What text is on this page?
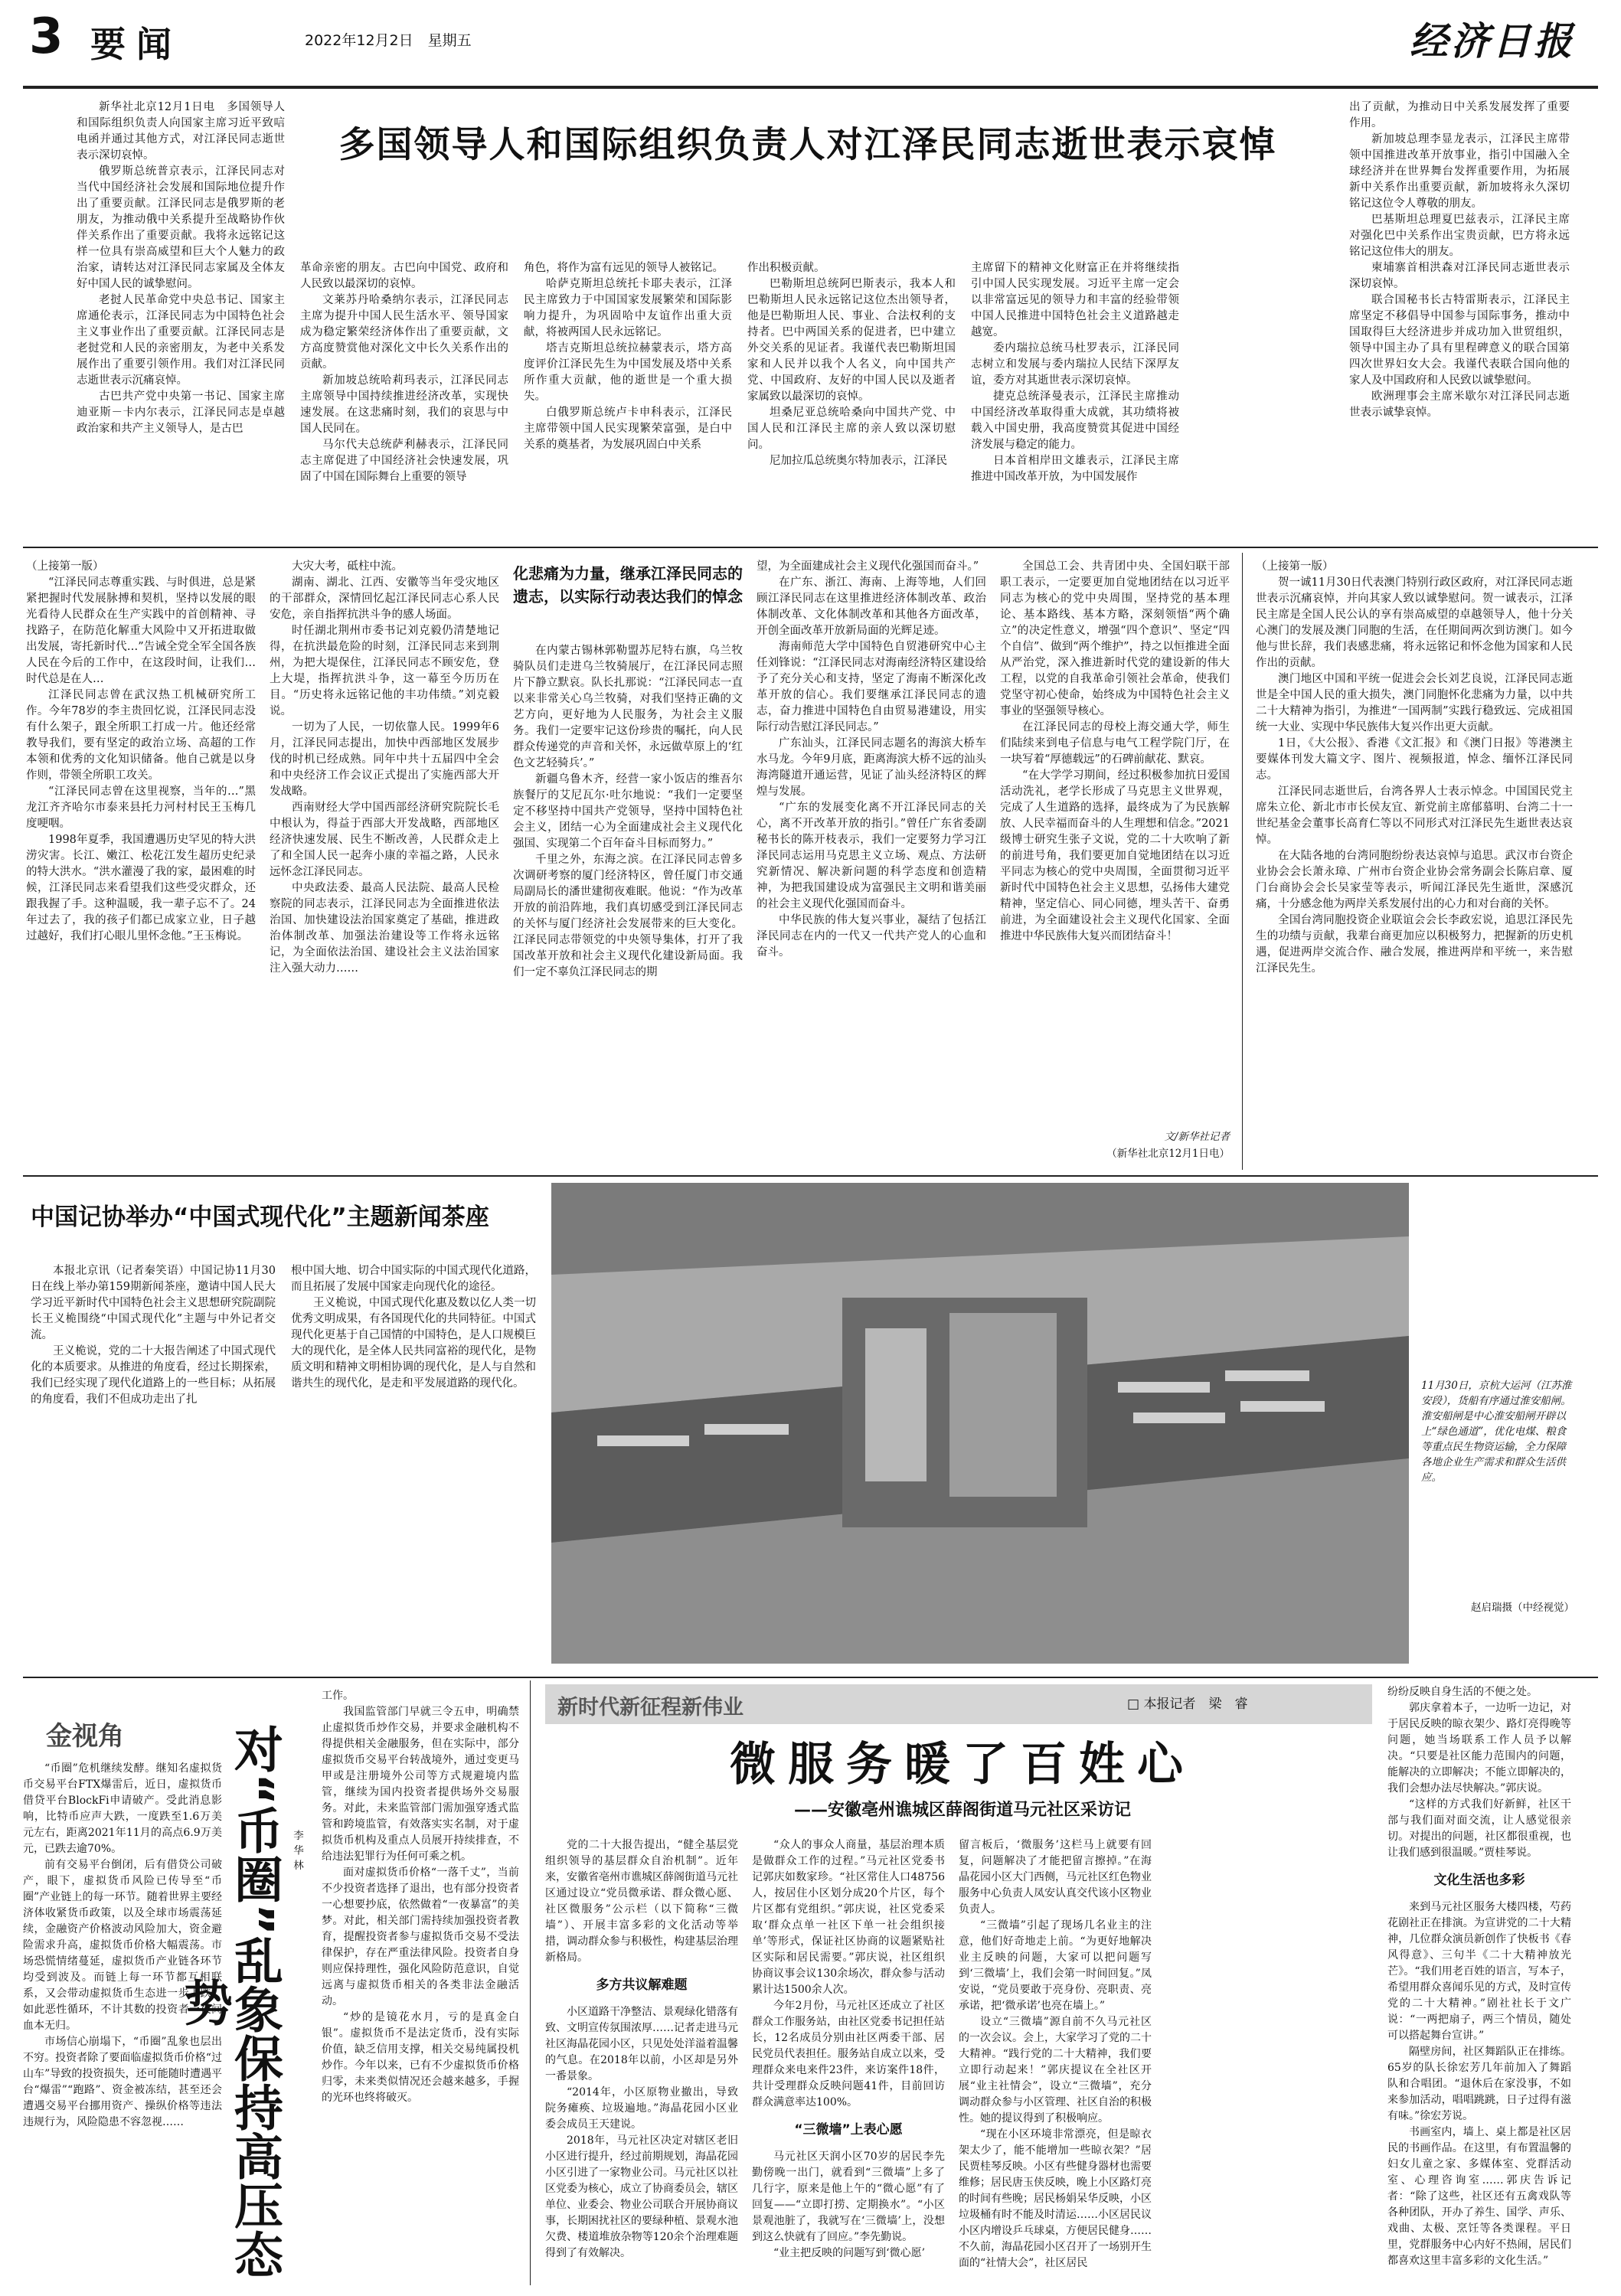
3 要闻	2022年12月2日　星期五	经济日报
多国领导人和国际组织负责人对江泽民同志逝世表示哀悼

新华社北京12月1日电　多国领导人和国际组织负责人向国家主席习近平致唁电函并通过其他方式，对江泽民同志逝世表示深切哀悼。

俄罗斯总统普京表示，江泽民同志对当代中国经济社会发展和国际地位提升作出了重要贡献。江泽民同志是俄罗斯的老朋友，为推动俄中关系提升至战略协作伙伴关系作出了重要贡献。我将永远铭记这样一位具有崇高威望和巨大个人魅力的政治家，请转达对江泽民同志家属及全体友好中国人民的诚挚慰问。

老挝人民革命党中央总书记、国家主席通伦表示，江泽民同志为中国特色社会主义事业作出了重要贡献。江泽民同志是老挝党和人民的亲密朋友，为老中关系发展作出了重要引领作用。我们对江泽民同志逝世表示沉痛哀悼。

古巴共产党中央第一书记、国家主席迪亚斯－卡内尔表示，江泽民同志是卓越政治家和共产主义领导人，是古巴

革命亲密的朋友。古巴向中国党、政府和人民致以最深切的哀悼。

文莱苏丹哈桑纳尔表示，江泽民同志主席为提升中国人民生活水平、领导国家成为稳定繁荣经济体作出了重要贡献，文方高度赞赏他对深化文中长久关系作出的贡献。

新加坡总统哈莉玛表示，江泽民同志主席领导中国持续推进经济改革，实现快速发展。在这悲痛时刻，我们的哀思与中国人民同在。

马尔代夫总统萨利赫表示，江泽民同志主席促进了中国经济社会快速发展，巩固了中国在国际舞台上重要的领导

角色，将作为富有远见的领导人被铭记。

哈萨克斯坦总统托卡耶夫表示，江泽民主席致力于中国国家发展繁荣和国际影响力提升，为巩固哈中友谊作出重大贡献，将被两国人民永远铭记。

塔吉克斯坦总统拉赫蒙表示，塔方高度评价江泽民先生为中国发展及塔中关系所作重大贡献，他的逝世是一个重大损失。

白俄罗斯总统卢卡申科表示，江泽民主席带领中国人民实现繁荣富强，是白中关系的奠基者，为发展巩固白中关系

作出积极贡献。

巴勒斯坦总统阿巴斯表示，我本人和巴勒斯坦人民永远铭记这位杰出领导者，他是巴勒斯坦人民、事业、合法权利的支持者。巴中两国关系的促进者，巴中建立外交关系的见证者。我谨代表巴勒斯坦国家和人民并以我个人名义，向中国共产党、中国政府、友好的中国人民以及逝者家属致以最深切的哀悼。

坦桑尼亚总统哈桑向中国共产党、中国人民和江泽民主席的亲人致以深切慰问。

尼加拉瓜总统奥尔特加表示，江泽民

主席留下的精神文化财富正在并将继续指引中国人民实现发展。习近平主席一定会以非常富远见的领导力和丰富的经验带领中国人民推进中国特色社会主义道路越走越宽。

委内瑞拉总统马杜罗表示，江泽民同志树立和发展与委内瑞拉人民结下深厚友谊，委方对其逝世表示深切哀悼。

捷克总统泽曼表示，江泽民主席推动中国经济改革取得重大成就，其功绩将被载入中国史册，我高度赞赏其促进中国经济发展与稳定的能力。

日本首相岸田文雄表示，江泽民主席推进中国改革开放，为中国发展作

出了贡献，为推动日中关系发展发挥了重要作用。

新加坡总理李显龙表示，江泽民主席带领中国推进改革开放事业，指引中国融入全球经济并在世界舞台发挥重要作用，为拓展新中关系作出重要贡献，新加坡将永久深切铭记这位令人尊敬的朋友。

巴基斯坦总理夏巴兹表示，江泽民主席对强化巴中关系作出宝贵贡献，巴方将永远铭记这位伟大的朋友。

柬埔寨首相洪森对江泽民同志逝世表示深切哀悼。

联合国秘书长古特雷斯表示，江泽民主席坚定不移倡导中国参与国际事务，推动中国取得巨大经济进步并成功加入世贸组织，领导中国主办了具有里程碑意义的联合国第四次世界妇女大会。我谨代表联合国向他的家人及中国政府和人民致以诚挚慰问。

欧洲理事会主席米歇尔对江泽民同志逝世表示诚挚哀悼。

（上接第一版）

“江泽民同志尊重实践、与时俱进，总是紧紧把握时代发展脉搏和契机，坚持以发展的眼光看待人民群众在生产实践中的首创精神、寻找路子，在防范化解重大风险中又开拓进取做出发展，寄托新时代…”告诫全党全军全国各族人民在今后的工作中，在这段时间，让我们…时代总是在人…

江泽民同志曾在武汉热工机械研究所工作。今年78岁的李主贵回忆说，江泽民同志没有什么架子，跟全所职工打成一片。他还经常教导我们，要有坚定的政治立场、高超的工作本领和优秀的文化知识储备。他自己就是以身作则，带领全所职工攻关。

“江泽民同志曾在这里视察，当年的…”黑龙江齐齐哈尔市泰来县托力河村村民王玉梅几度哽咽。

1998年夏季，我国遭遇历史罕见的特大洪涝灾害。长江、嫩江、松花江发生超历史纪录的特大洪水。“洪水灌漫了我的家，最困难的时候，江泽民同志来看望我们这些受灾群众，还跟我握了手。这种温暖，我一辈子忘不了。24年过去了，我的孩子们都已成家立业，日子越过越好，我们打心眼儿里怀念他。”王玉梅说。

大灾大考，砥柱中流。

湖南、湖北、江西、安徽等当年受灾地区的干部群众，深情回忆起江泽民同志心系人民安危，亲自指挥抗洪斗争的感人场面。

时任湖北荆州市委书记刘克毅仍清楚地记得，在抗洪最危险的时刻，江泽民同志来到荆州，为把大堤保住，江泽民同志不顾安危，登上大堤，指挥抗洪斗争，这一幕至今历历在目。“历史将永远铭记他的丰功伟绩。”刘克毅说。

一切为了人民，一切依靠人民。1999年6月，江泽民同志提出，加快中西部地区发展步伐的时机已经成熟。同年中共十五届四中全会和中央经济工作会议正式提出了实施西部大开发战略。

西南财经大学中国西部经济研究院院长毛中根认为，得益于西部大开发战略，西部地区经济快速发展、民生不断改善，人民群众走上了和全国人民一起奔小康的幸福之路，人民永远怀念江泽民同志。

中央政法委、最高人民法院、最高人民检察院的同志表示，江泽民同志为全面推进依法治国、加快建设法治国家奠定了基础，推进政治体制改革、加强法治建设等工作将永远铭记，为全面依法治国、建设社会主义法治国家注入强大动力……

化悲痛为力量，继承江泽民同志的遗志，以实际行动表达我们的悼念

在内蒙古锡林郭勒盟苏尼特右旗，乌兰牧骑队员们走进乌兰牧骑展厅，在江泽民同志照片下静立默哀。队长扎那说：“江泽民同志一直以来非常关心乌兰牧骑，对我们坚持正确的文艺方向，更好地为人民服务，为社会主义服务。我们一定要牢记这份珍贵的嘱托，向人民群众传递党的声音和关怀，永远做草原上的‘红色文艺轻骑兵’。”

新疆乌鲁木齐，经营一家小饭店的维吾尔族餐厅的艾尼瓦尔·吐尔地说：“我们一定要坚定不移坚持中国共产党领导，坚持中国特色社会主义，团结一心为全面建成社会主义现代化强国、实现第二个百年奋斗目标而努力。”

千里之外，东海之滨。在江泽民同志曾多次调研考察的厦门经济特区，曾任厦门市交通局副局长的潘世建彻夜难眠。他说：“作为改革开放的前沿阵地，我们真切感受到江泽民同志的关怀与厦门经济社会发展带来的巨大变化。江泽民同志带领党的中央领导集体，打开了我国改革开放和社会主义现代化建设新局面。我们一定不辜负江泽民同志的期

望，为全面建成社会主义现代化强国而奋斗。”

在广东、浙江、海南、上海等地，人们回顾江泽民同志在这里推进经济体制改革、政治体制改革、文化体制改革和其他各方面改革，开创全面改革开放新局面的光辉足迹。

海南师范大学中国特色自贸港研究中心主任刘锋说：“江泽民同志对海南经济特区建设给予了充分关心和支持，坚定了海南不断深化改革开放的信心。我们要继承江泽民同志的遗志，奋力推进中国特色自由贸易港建设，用实际行动告慰江泽民同志。”

广东汕头，江泽民同志题名的海滨大桥车水马龙。今年9月底，距离海滨大桥不远的汕头海湾隧道开通运营，见证了汕头经济特区的辉煌与发展。

“广东的发展变化离不开江泽民同志的关心，离不开改革开放的指引。”曾任广东省委副秘书长的陈开枝表示，我们一定要努力学习江泽民同志运用马克思主义立场、观点、方法研究新情况、解决新问题的科学态度和创造精神，为把我国建设成为富强民主文明和谐美丽的社会主义现代化强国而奋斗。

中华民族的伟大复兴事业，凝结了包括江泽民同志在内的一代又一代共产党人的心血和奋斗。

全国总工会、共青团中央、全国妇联干部职工表示，一定要更加自觉地团结在以习近平同志为核心的党中央周围，坚持党的基本理论、基本路线、基本方略，深刻领悟“两个确立”的决定性意义，增强“四个意识”、坚定“四个自信”、做到“两个维护”，持之以恒推进全面从严治党，深入推进新时代党的建设新的伟大工程，以党的自我革命引领社会革命，使我们党坚守初心使命，始终成为中国特色社会主义事业的坚强领导核心。

在江泽民同志的母校上海交通大学，师生们陆续来到电子信息与电气工程学院门厅，在一块写着“厚德载远”的石碑前献花、默哀。

“在大学学习期间，经过积极参加抗日爱国活动洗礼，老学长形成了马克思主义世界观，完成了人生道路的选择，最终成为了为民族解放、人民幸福而奋斗的人生理想和信念。”2021级博士研究生张子文说，党的二十大吹响了新的前进号角，我们要更加自觉地团结在以习近平同志为核心的党中央周围，全面贯彻习近平新时代中国特色社会主义思想，弘扬伟大建党精神，坚定信心、同心同德，埋头苦干、奋勇前进，为全面建设社会主义现代化国家、全面推进中华民族伟大复兴而团结奋斗！

文/新华社记者
（新华社北京12月1日电）

（上接第一版）

贺一诚11月30日代表澳门特别行政区政府，对江泽民同志逝世表示沉痛哀悼，并向其家人致以诚挚慰问。贺一诚表示，江泽民主席是全国人民公认的享有崇高威望的卓越领导人，他十分关心澳门的发展及澳门同胞的生活，在任期间两次到访澳门。如今他与世长辞，我们表感悲痛，将永远铭记和怀念他为国家和人民作出的贡献。

澳门地区中国和平统一促进会会长刘艺良说，江泽民同志逝世是全中国人民的重大损失，澳门同胞怀化悲痛为力量，以中共二十大精神为指引，为推进“一国两制”实践行稳致远、完成祖国统一大业、实现中华民族伟大复兴作出更大贡献。

1日，《大公报》、香港《文汇报》和《澳门日报》等港澳主要媒体刊发大篇文字、图片、视频报道，悼念、缅怀江泽民同志。

江泽民同志逝世后，台湾各界人士表示悼念。中国国民党主席朱立伦、新北市市长侯友宜、新党前主席郁慕明、台湾二十一世纪基金会董事长高育仁等以不同形式对江泽民先生逝世表达哀悼。

在大陆各地的台湾同胞纷纷表达哀悼与追思。武汉市台资企业协会会长萧永璋、广州市台资企业协会常务副会长陈启章、厦门台商协会会长吴家莹等表示，听闻江泽民先生逝世，深感沉痛，十分感念他为两岸关系发展付出的心力和对台商的关怀。

全国台湾同胞投资企业联谊会会长李政宏说，追思江泽民先生的功绩与贡献，我辈台商更加应以积极努力，把握新的历史机遇，促进两岸交流合作、融合发展，推进两岸和平统一，来告慰江泽民先生。

中国记协举办“中国式现代化”主题新闻茶座

本报北京讯（记者秦笑语）中国记协11月30日在线上举办第159期新闻茶座，邀请中国人民大学习近平新时代中国特色社会主义思想研究院副院长王义桅围绕“中国式现代化”主题与中外记者交流。

王义桅说，党的二十大报告阐述了中国式现代化的本质要求。从推进的角度看，经过长期探索，我们已经实现了现代化道路上的一些目标；从拓展的角度看，我们不但成功走出了扎

根中国大地、切合中国实际的中国式现代化道路，而且拓展了发展中国家走向现代化的途径。

王义桅说，中国式现代化惠及数以亿人类一切优秀文明成果，有各国现代化的共同特征。中国式现代化更基于自己国情的中国特色，是人口规模巨大的现代化，是全体人民共同富裕的现代化，是物质文明和精神文明相协调的现代化，是人与自然和谐共生的现代化，是走和平发展道路的现代化。	11月30日，京杭大运河（江苏淮安段），货船有序通过淮安船闸。淮安船闸是中心淮安船闸开辟以上“绿色通道”，优化电煤、粮食等重点民生物资运输，全力保障各地企业生产需求和群众生活供应。
赵启瑞摄（中经视觉）
金视角

“币圈”危机继续发酵。继知名虚拟货币交易平台FTX爆雷后，近日，虚拟货币借贷平台BlockFi申请破产。受此消息影响，比特币应声大跌，一度跌至1.6万美元左右，距离2021年11月的高点6.9万美元，已跌去逾70%。

前有交易平台倒闭，后有借贷公司破产，眼下，虚拟货币风险已传导至“币圈”产业链上的每一环节。随着世界主要经济体收紧货币政策，以及全球市场震荡延续，金融资产价格波动风险加大，资金避险需求升高，虚拟货币价格大幅震荡。市场恐慌情绪蔓延，虚拟货币产业链各环节均受到波及。而链上每一环节都互相联系，又会带动虚拟货币生态进一步下跌。如此恶性循环，不计其数的投资者一夜间血本无归。

市场信心崩塌下，“币圈”乱象也层出不穷。投资者除了要面临虚拟货币价格“过山车”导致的投资损失，还可能随时遭遇平台“爆雷”“跑路”、资金被冻结，甚至还会遭遇交易平台挪用资产、操纵价格等违法违规行为，风险隐患不容忽视…… 对“币圈”乱象保持高压态势
李华林

工作。

我国监管部门早就三令五申，明确禁止虚拟货币炒作交易，并要求金融机构不得提供相关金融服务，但在实际中，部分虚拟货币交易平台转战境外，通过变更马甲或是注册境外公司等方式规避境内监管，继续为国内投资者提供场外交易服务。对此，未来监管部门需加强穿透式监管和跨境监管，有效落实实名制，对于虚拟货币机构及重点人员展开持续排查，不给违法犯罪行为任何可乘之机。

面对虚拟货币价格“一落千丈”，当前不少投资者选择了退出，也有部分投资者一心想要抄底，依然做着“一夜暴富”的美梦。对此，相关部门需持续加强投资者教育，提醒投资者参与虚拟货币交易不受法律保护，存在严重法律风险。投资者自身则应保持理性，强化风险防范意识，自觉远离与虚拟货币相关的各类非法金融活动。

“炒的是镜花水月，亏的是真金白银”。虚拟货币不是法定货币，没有实际价值，缺乏信用支撑，相关交易纯属投机炒作。今年以来，已有不少虚拟货币价格归零，未来类似情况还会越来越多，手握的光环也终将破灭。

新时代新征程新伟业	□ 本报记者　梁　睿
微服务暖了百姓心
——安徽亳州谯城区薛阁街道马元社区采访记

党的二十大报告提出，“健全基层党组织领导的基层群众自治机制”。近年来，安徽省亳州市谯城区薛阁街道马元社区通过设立“党员微承诺、群众微心愿、社区微服务”公示栏（以下简称“三微墙”）、开展丰富多彩的文化活动等举措，调动群众参与积极性，构建基层治理新格局。

多方共议解难题

小区道路干净整洁、景观绿化错落有致、文明宣传氛围浓厚……记者走进马元社区海晶花园小区，只见处处洋溢着温馨的气息。在2018年以前，小区却是另外一番景象。

“2014年，小区原物业撤出，导致院务瘫痪、垃圾遍地。”海晶花园小区业委会成员王天建说。

2018年，马元社区决定对辖区老旧小区进行提升，经过前期规划，海晶花园小区引进了一家物业公司。马元社区以社区党委为核心，成立了协商委员会，辖区单位、业委会、物业公司联合开展协商议事，长期困扰社区的要绿种植、景观水池欠费、楼道堆放杂物等120余个治理难题得到了有效解决。

“众人的事众人商量，基层治理本质是做群众工作的过程。”马元社区党委书记郭庆如数家珍。“社区常住人口48756人，按居住小区划分成20个片区，每个片区都有党组织。”郭庆说，社区党委采取‘群众点单一社区下单一社会组织接单’等形式，保证社区协商的议题紧贴社区实际和居民需要。”郭庆说，社区组织协商议事会议130余场次，群众参与活动累计达1500余人次。

今年2月份，马元社区还成立了社区群众工作服务站，由社区党委书记担任站长，12名成员分别由社区两委干部、居民党员代表担任。服务站自成立以来，受理群众来电来件23件，来访案件18件，共计受理群众反映问题41件，目前回访群众满意率达100%。

“三微墙”上表心愿

马元社区天润小区70岁的居民李先勤傍晚一出门，就看到“三微墙”上多了几行字，原来是他上午的“微心愿”有了回复——“立即打捞、定期换水”。“小区景观池脏了，我就写在‘三微墙’上，没想到这么快就有了回应。”李先勤说。

“业主把反映的问题写到‘微心愿’

留言板后，‘微服务’这栏马上就要有回复，问题解决了才能把留言擦掉。”在海晶花园小区大门西侧，马元社区红色物业服务中心负责人凤安认真交代该小区物业负责人。

“三微墙”引起了现场几名业主的注意，他们好奇地走上前。“为更好地解决业主反映的问题，大家可以把问题写到‘三微墙’上，我们会第一时间回复。”凤安说，“党员要敢于亮身份、亮职责、亮承诺，把‘微承诺’也亮在墙上。”

设立“三微墙”源自前不久马元社区的一次会议。会上，大家学习了党的二十大精神。“践行党的二十大精神，我们要立即行动起来！”郭庆提议在全社区开展“业主社情会”，设立“三微墙”，充分调动群众参与小区管理、社区自治的积极性。她的提议得到了积极响应。

“现在小区环境非常漂亮，但是晾衣架太少了，能不能增加一些晾衣架？”居民贾桂琴反映。小区有些健身器材也需要维修；居民唐玉侠反映，晚上小区路灯亮的时间有些晚；居民杨娟呆华反映，小区垃圾桶有时不能及时清运……小区居民议小区内增设乒乓球桌，方便居民健身……不久前，海晶花园小区召开了一场别开生面的“社情大会”，社区居民

纷纷反映自身生活的不便之处。

郭庆拿着本子，一边听一边记，对于居民反映的晾衣架少、路灯亮得晚等问题，她当场联系工作人员予以解决。“只要是社区能力范围内的问题，能解决的立即解决；不能立即解决的，我们会想办法尽快解决。”郭庆说。

“这样的方式我们好新鲜，社区干部与我们面对面交流，让人感觉很亲切。对提出的问题，社区都很重视，也让我们感到很温暖。”贾桂琴说。

文化生活也多彩

来到马元社区服务大楼四楼，芍药花剧社正在排演。为宣讲党的二十大精神，几位群众演员新创作了快板书《春风得意》、三句半《二十大精神放光芒》。“我们用老百姓的语言，写本子，希望用群众喜闻乐见的方式，及时宣传党的二十大精神。”剧社社长于文广说：“一两把扇子，两三个情员，随处可以搭起舞台宣讲。”

隔壁房间，社区舞蹈队正在排练。65岁的队长徐宏芳几年前加入了舞蹈队和合唱团。“退休后在家没事，不如来参加活动，唱唱跳跳，日子过得有滋有味。”徐宏芳说。

书画室内，墙上、桌上都是社区居民的书画作品。在这里，有布置温馨的妇女儿童之家、多媒体室、党群活动室、心理咨询室……郭庆告诉记者：“除了这些，社区还有五禽戏队等各种团队，开办了养生、国学、声乐、戏曲、太极、烹饪等各类课程。平日里，党群服务中心内好不热闹，居民们都喜欢这里丰富多彩的文化生活。”
